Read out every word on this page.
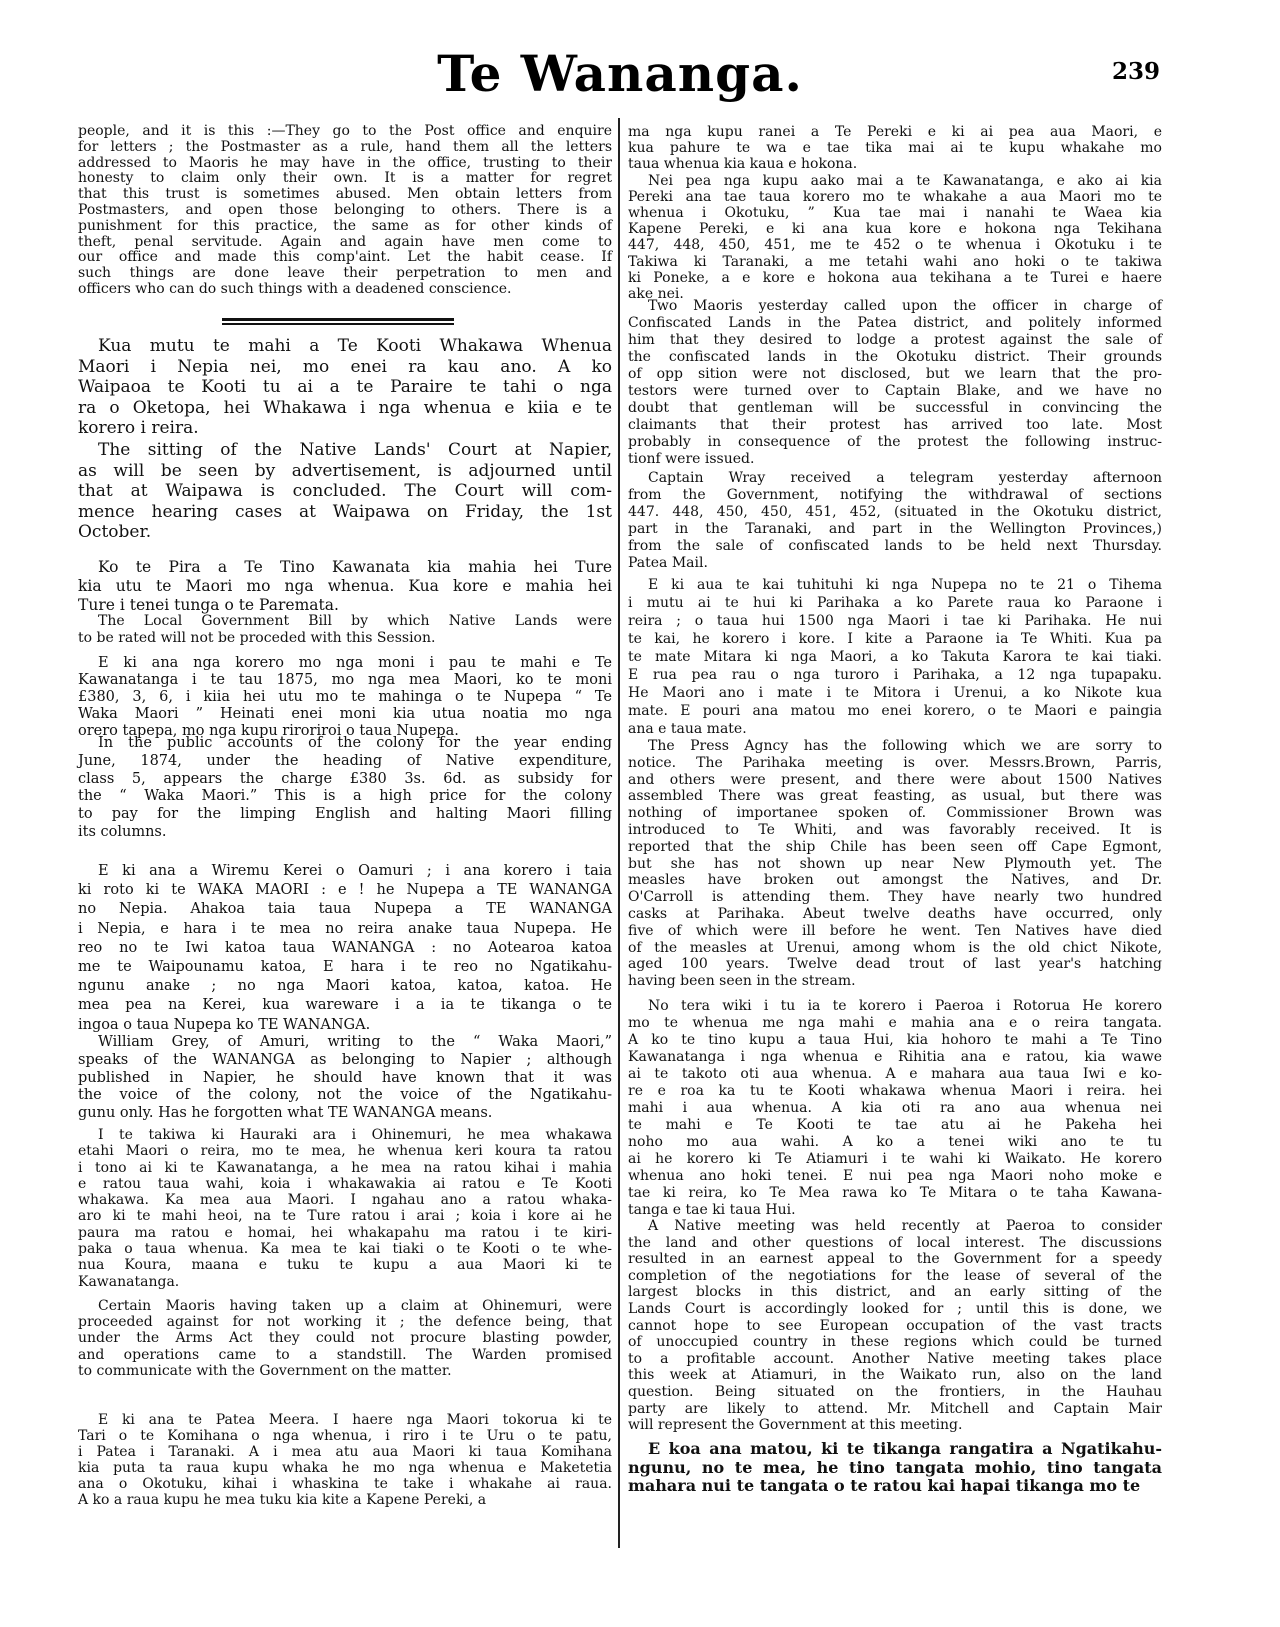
Te Wananga.	239
people, and it is this :—They go to the Post office and enquire
for letters ; the Postmaster as a rule, hand them all the letters
addressed to Maoris he may have in the office, trusting to their
honesty to claim only their own. It is a matter for regret
that this trust is sometimes abused. Men obtain letters from
Postmasters, and open those belonging to others. There is a
punishment for this practice, the same as for other kinds of
theft, penal servitude. Again and again have men come to
our office and made this comp'aint. Let the habit cease. If
such things are done leave their perpetration to men and
officers who can do such things with a deadened conscience.
Kua mutu te mahi a Te Kooti Whakawa Whenua
Maori i Nepia nei, mo enei ra kau ano. A ko
Waipaoa te Kooti tu ai a te Paraire te tahi o nga
ra o Oketopa, hei Whakawa i nga whenua e kiia e te
korero i reira.
The sitting of the Native Lands' Court at Napier,
as will be seen by advertisement, is adjourned until
that at Waipawa is concluded. The Court will com-
mence hearing cases at Waipawa on Friday, the 1st
October.
Ko te Pira a Te Tino Kawanata kia mahia hei Ture
kia utu te Maori mo nga whenua. Kua kore e mahia hei
Ture i tenei tunga o te Paremata.
The Local Government Bill by which Native Lands were
to be rated will not be proceded with this Session.
E ki ana nga korero mo nga moni i pau te mahi e Te
Kawanatanga i te tau 1875, mo nga mea Maori, ko te moni
£380, 3, 6, i kiia hei utu mo te mahinga o te Nupepa “ Te
Waka Maori ” Heinati enei moni kia utua noatia mo nga
orero tapepa, mo nga kupu riroriroi o taua Nupepa.
In the public accounts of the colony for the year ending
June, 1874, under the heading of Native expenditure,
class 5, appears the charge £380 3s. 6d. as subsidy for
the “ Waka Maori.” This is a high price for the colony
to pay for the limping English and halting Maori filling
its columns.
E ki ana a Wiremu Kerei o Oamuri ; i ana korero i taia
ki roto ki te WAKA MAORI : e ! he Nupepa a TE WANANGA
no Nepia. Ahakoa taia taua Nupepa a TE WANANGA
i Nepia, e hara i te mea no reira anake taua Nupepa. He
reo no te Iwi katoa taua WANANGA : no Aotearoa katoa
me te Waipounamu katoa, E hara i te reo no Ngatikahu-
ngunu anake ; no nga Maori katoa, katoa, katoa. He
mea pea na Kerei, kua wareware i a ia te tikanga o te
ingoa o taua Nupepa ko TE WANANGA.
William Grey, of Amuri, writing to the “ Waka Maori,”
speaks of the WANANGA as belonging to Napier ; although
published in Napier, he should have known that it was
the voice of the colony, not the voice of the Ngatikahu-
gunu only. Has he forgotten what TE WANANGA means.
I te takiwa ki Hauraki ara i Ohinemuri, he mea whakawa
etahi Maori o reira, mo te mea, he whenua keri koura ta ratou
i tono ai ki te Kawanatanga, a he mea na ratou kihai i mahia
e ratou taua wahi, koia i whakawakia ai ratou e Te Kooti
whakawa. Ka mea aua Maori. I ngahau ano a ratou whaka-
aro ki te mahi heoi, na te Ture ratou i arai ; koia i kore ai he
paura ma ratou e homai, hei whakapahu ma ratou i te kiri-
paka o taua whenua. Ka mea te kai tiaki o te Kooti o te whe-
nua Koura, maana e tuku te kupu a aua Maori ki te
Kawanatanga.
Certain Maoris having taken up a claim at Ohinemuri, were
proceeded against for not working it ; the defence being, that
under the Arms Act they could not procure blasting powder,
and operations came to a standstill. The Warden promised
to communicate with the Government on the matter.
E ki ana te Patea Meera. I haere nga Maori tokorua ki te
Tari o te Komihana o nga whenua, i riro i te Uru o te patu,
i Patea i Taranaki. A i mea atu aua Maori ki taua Komihana
kia puta ta raua kupu whaka he mo nga whenua e Maketetia
ana o Okotuku, kihai i whaskina te take i whakahe ai raua.
A ko a raua kupu he mea tuku kia kite a Kapene Pereki, a
ma nga kupu ranei a Te Pereki e ki ai pea aua Maori, e
kua pahure te wa e tae tika mai ai te kupu whakahe mo
taua whenua kia kaua e hokona.
Nei pea nga kupu aako mai a te Kawanatanga, e ako ai kia
Pereki ana tae taua korero mo te whakahe a aua Maori mo te
whenua i Okotuku, ” Kua tae mai i nanahi te Waea kia
Kapene Pereki, e ki ana kua kore e hokona nga Tekihana
447, 448, 450, 451, me te 452 o te whenua i Okotuku i te
Takiwa ki Taranaki, a me tetahi wahi ano hoki o te takiwa
ki Poneke, a e kore e hokona aua tekihana a te Turei e haere
ake nei.
Two Maoris yesterday called upon the officer in charge of
Confiscated Lands in the Patea district, and politely informed
him that they desired to lodge a protest against the sale of
the confiscated lands in the Okotuku district. Their grounds
of opp sition were not disclosed, but we learn that the pro-
testors were turned over to Captain Blake, and we have no
doubt that gentleman will be successful in convincing the
claimants that their protest has arrived too late. Most
probably in consequence of the protest the following instruc-
tionf were issued.
Captain Wray received a telegram yesterday afternoon
from the Government, notifying the withdrawal of sections
447. 448, 450, 450, 451, 452, (situated in the Okotuku district,
part in the Taranaki, and part in the Wellington Provinces,)
from the sale of confiscated lands to be held next Thursday.
Patea Mail.
E ki aua te kai tuhituhi ki nga Nupepa no te 21 o Tihema
i mutu ai te hui ki Parihaka a ko Parete raua ko Paraone i
reira ; o taua hui 1500 nga Maori i tae ki Parihaka. He nui
te kai, he korero i kore. I kite a Paraone ia Te Whiti. Kua pa
te mate Mitara ki nga Maori, a ko Takuta Karora te kai tiaki.
E rua pea rau o nga turoro i Parihaka, a 12 nga tupapaku.
He Maori ano i mate i te Mitora i Urenui, a ko Nikote kua
mate. E pouri ana matou mo enei korero, o te Maori e paingia
ana e taua mate.
The Press Agncy has the following which we are sorry to
notice. The Parihaka meeting is over. Messrs.Brown, Parris,
and others were present, and there were about 1500 Natives
assembled There was great feasting, as usual, but there was
nothing of importanee spoken of. Commissioner Brown was
introduced to Te Whiti, and was favorably received. It is
reported that the ship Chile has been seen off Cape Egmont,
but she has not shown up near New Plymouth yet. The
measles have broken out amongst the Natives, and Dr.
O'Carroll is attending them. They have nearly two hundred
casks at Parihaka. Abeut twelve deaths have occurred, only
five of which were ill before he went. Ten Natives have died
of the measles at Urenui, among whom is the old chict Nikote,
aged 100 years. Twelve dead trout of last year's hatching
having been seen in the stream.
No tera wiki i tu ia te korero i Paeroa i Rotorua He korero
mo te whenua me nga mahi e mahia ana e o reira tangata.
A ko te tino kupu a taua Hui, kia hohoro te mahi a Te Tino
Kawanatanga i nga whenua e Rihitia ana e ratou, kia wawe
ai te takoto oti aua whenua. A e mahara aua taua Iwi e ko-
re e roa ka tu te Kooti whakawa whenua Maori i reira. hei
mahi i aua whenua. A kia oti ra ano aua whenua nei
te mahi e Te Kooti te tae atu ai he Pakeha hei
noho mo aua wahi. A ko a tenei wiki ano te tu
ai he korero ki Te Atiamuri i te wahi ki Waikato. He korero
whenua ano hoki tenei. E nui pea nga Maori noho moke e
tae ki reira, ko Te Mea rawa ko Te Mitara o te taha Kawana-
tanga e tae ki taua Hui.
A Native meeting was held recently at Paeroa to consider
the land and other questions of local interest. The discussions
resulted in an earnest appeal to the Government for a speedy
completion of the negotiations for the lease of several of the
largest blocks in this district, and an early sitting of the
Lands Court is accordingly looked for ; until this is done, we
cannot hope to see European occupation of the vast tracts
of unoccupied country in these regions which could be turned
to a profitable account. Another Native meeting takes place
this week at Atiamuri, in the Waikato run, also on the land
question. Being situated on the frontiers, in the Hauhau
party are likely to attend. Mr. Mitchell and Captain Mair
will represent the Government at this meeting.
E koa ana matou, ki te tikanga rangatira a Ngatikahu-
ngunu, no te mea, he tino tangata mohio, tino tangata
mahara nui te tangata o te ratou kai hapai tikanga mo te
